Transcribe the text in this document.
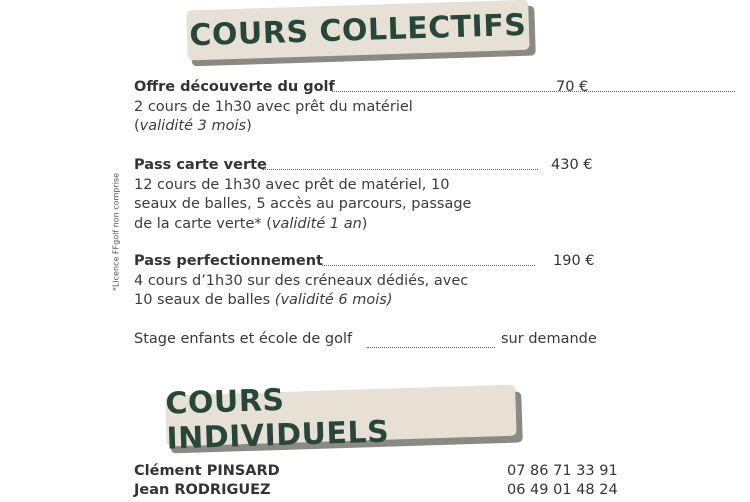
COURS COLLECTIFS
Offre découverte du golf	70 €
2 cours de 1h30 avec prêt du matériel
(validité 3 mois)
Pass carte verte	430 €
12 cours de 1h30 avec prêt de matériel, 10
seaux de balles, 5 accès au parcours, passage
de la carte verte* (validité 1 an)
Pass perfectionnement	190 €
4 cours d’1h30 sur des créneaux dédiés, avec
10 seaux de balles (validité 6 mois)
Stage enfants et école de golf	sur demande
*Licence FFgolf non comprise
COURS INDIVIDUELS
Clément PINSARD	07 86 71 33 91
Jean RODRIGUEZ	06 49 01 48 24
